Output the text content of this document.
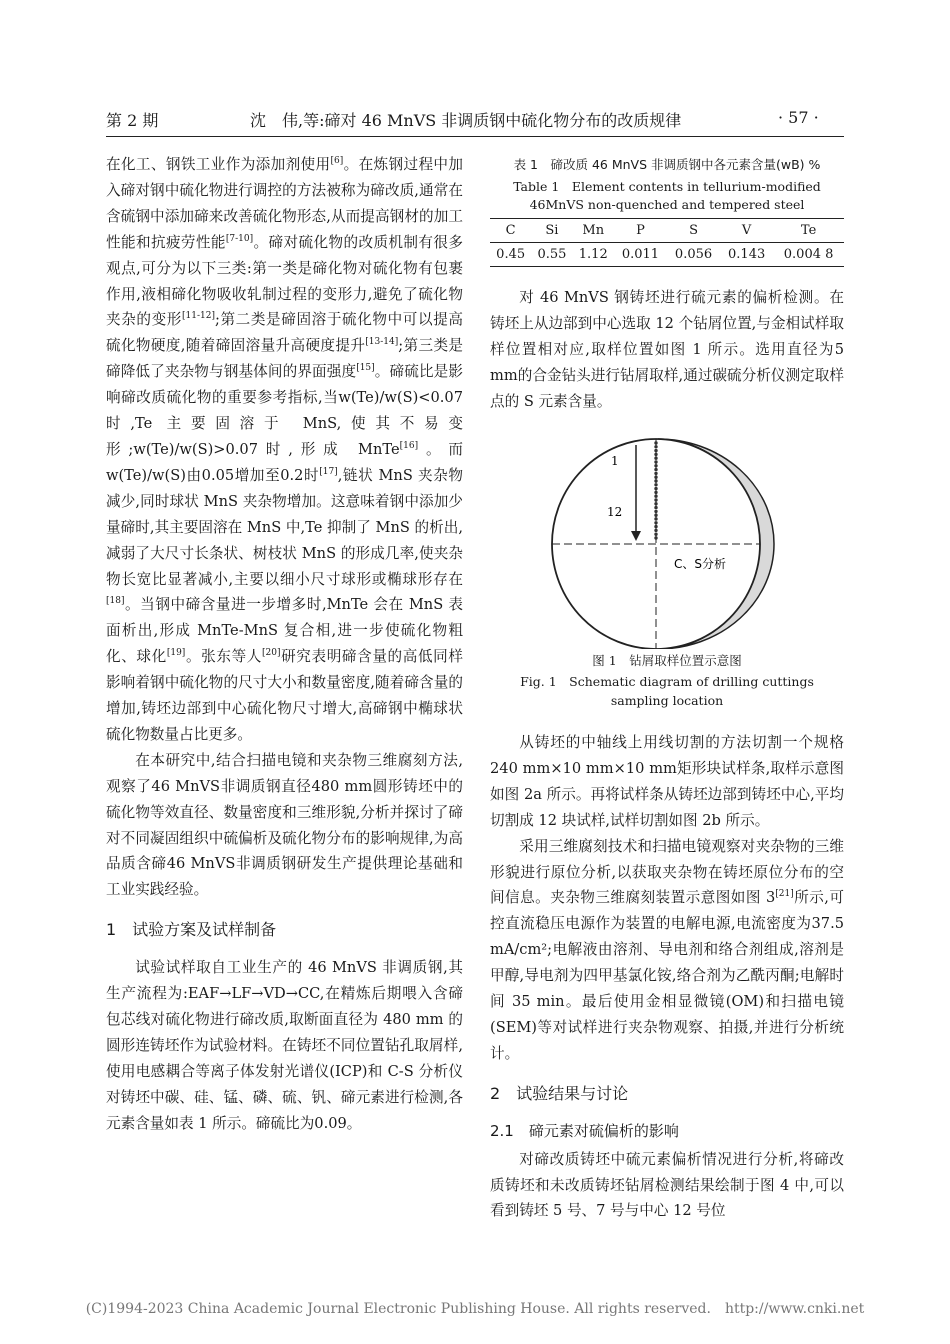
第 2 期	沈　伟,等:碲对 46 MnVS 非调质钢中硫化物分布的改质规律	· 57 ·

在化工、钢铁工业作为添加剂使用[6]。在炼钢过程中加入碲对钢中硫化物进行调控的方法被称为碲改质,通常在含硫钢中添加碲来改善硫化物形态,从而提高钢材的加工性能和抗疲劳性能[7-10]。碲对硫化物的改质机制有很多观点,可分为以下三类:第一类是碲化物对硫化物有包裹作用,液相碲化物吸收轧制过程的变形力,避免了硫化物夹杂的变形[11-12];第二类是碲固溶于硫化物中可以提高硫化物硬度,随着碲固溶量升高硬度提升[13-14];第三类是碲降低了夹杂物与钢基体间的界面强度[15]。碲硫比是影响碲改质硫化物的重要参考指标,当w(Te)/w(S)<0.07时,Te 主要固溶于 MnS,使其不易变形;w(Te)/w(S)>0.07时,形成 MnTe[16]。而w(Te)/w(S)由0.05增加至0.2时[17],链状 MnS 夹杂物减少,同时球状 MnS 夹杂物增加。这意味着钢中添加少量碲时,其主要固溶在 MnS 中,Te 抑制了 MnS 的析出,减弱了大尺寸长条状、树枝状 MnS 的形成几率,使夹杂物长宽比显著减小,主要以细小尺寸球形或椭球形存在[18]。当钢中碲含量进一步增多时,MnTe 会在 MnS 表面析出,形成 MnTe-MnS 复合相,进一步使硫化物粗化、球化[19]。张东等人[20]研究表明碲含量的高低同样影响着钢中硫化物的尺寸大小和数量密度,随着碲含量的增加,铸坯边部到中心硫化物尺寸增大,高碲钢中椭球状硫化物数量占比更多。

在本研究中,结合扫描电镜和夹杂物三维腐刻方法,观察了46 MnVS非调质钢直径480 mm圆形铸坯中的硫化物等效直径、数量密度和三维形貌,分析并探讨了碲对不同凝固组织中硫偏析及硫化物分布的影响规律,为高品质含碲46 MnVS非调质钢研发生产提供理论基础和工业实践经验。

1　试验方案及试样制备

试验试样取自工业生产的 46 MnVS 非调质钢,其生产流程为:EAF→LF→VD→CC,在精炼后期喂入含碲包芯线对硫化物进行碲改质,取断面直径为 480 mm 的圆形连铸坯作为试验材料。在铸坯不同位置钻孔取屑样,使用电感耦合等离子体发射光谱仪(ICP)和 C-S 分析仪对铸坯中碳、硅、锰、磷、硫、钒、碲元素进行检测,各元素含量如表 1 所示。碲硫比为0.09。

表 1　碲改质 46 MnVS 非调质钢中各元素含量(wB) %
Table 1　Element contents in tellurium-modified
46MnVS non-quenched and tempered steel
C	Si	Mn	P	S	V	Te
0.45	0.55	1.12	0.011	0.056	0.143	0.004 8

对 46 MnVS 钢铸坯进行硫元素的偏析检测。在铸坯上从边部到中心选取 12 个钻屑位置,与金相试样取样位置相对应,取样位置如图 1 所示。选用直径为5 mm的合金钻头进行钻屑取样,通过碳硫分析仪测定取样点的 S 元素含量。

1
12
C、S分析
图 1　钻屑取样位置示意图
Fig. 1　Schematic diagram of drilling cuttings
sampling location

从铸坯的中轴线上用线切割的方法切割一个规格240 mm×10 mm×10 mm矩形块试样条,取样示意图如图 2a 所示。再将试样条从铸坯边部到铸坯中心,平均切割成 12 块试样,试样切割如图 2b 所示。

采用三维腐刻技术和扫描电镜观察对夹杂物的三维形貌进行原位分析,以获取夹杂物在铸坯原位分布的空间信息。夹杂物三维腐刻装置示意图如图 3[21]所示,可控直流稳压电源作为装置的电解电源,电流密度为37.5 mA/cm²;电解液由溶剂、导电剂和络合剂组成,溶剂是甲醇,导电剂为四甲基氯化铵,络合剂为乙酰丙酮;电解时间 35 min。最后使用金相显微镜(OM)和扫描电镜(SEM)等对试样进行夹杂物观察、拍摄,并进行分析统计。

2　试验结果与讨论
2.1　碲元素对硫偏析的影响

对碲改质铸坯中硫元素偏析情况进行分析,将碲改质铸坯和未改质铸坯钻屑检测结果绘制于图 4 中,可以看到铸坯 5 号、7 号与中心 12 号位

(C)1994-2023 China Academic Journal Electronic Publishing House. All rights reserved.　http://www.cnki.net
